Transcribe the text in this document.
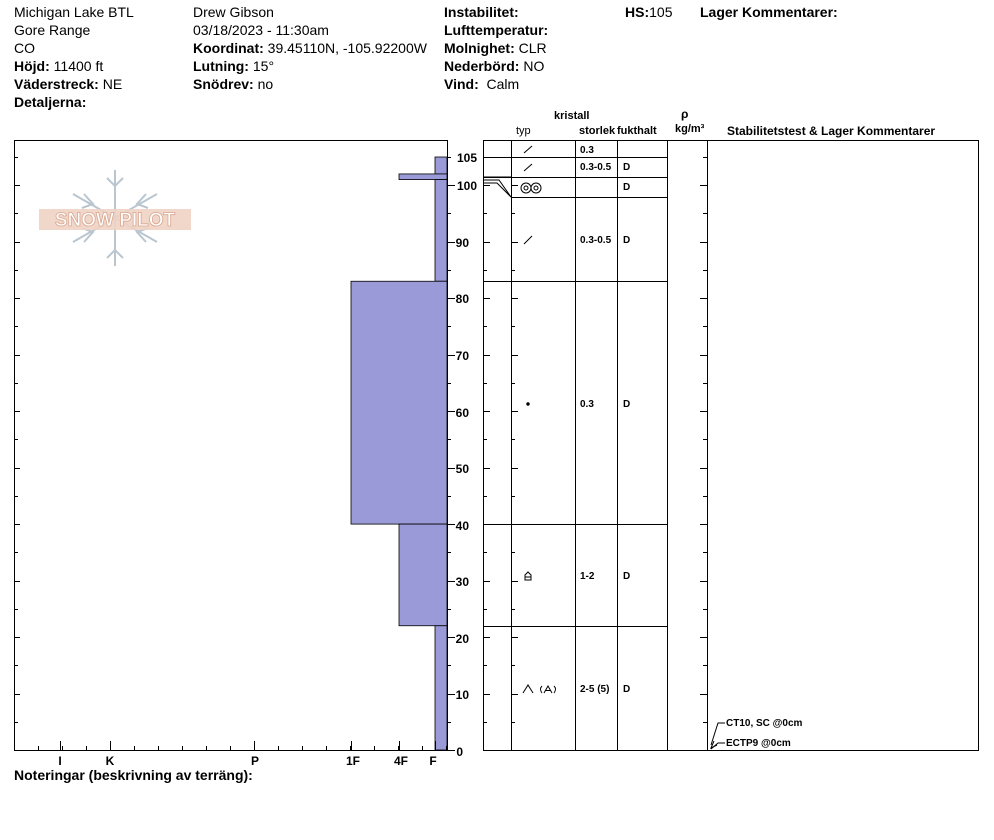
Michigan Lake BTL
Gore Range
CO
Höjd: 11400 ft
Väderstreck: NE
Detaljerna:
Drew Gibson
03/18/2023 - 11:30am
Koordinat: 39.45110N, -105.92200W
Lutning: 15°
Snödrev: no
Instabilitet:
Lufttemperatur:
Molnighet: CLR
Nederbörd: NO
Vind: Calm
HS:105 Lager Kommentarer:
kristall
typ	storlek fukthalt
ρ
kg/m³ Stabilitetstest & Lager Kommentarer
SNOW PILOT
I	K	P	1F	4F F
105
100
90
80
70
60
50
40
30
20
10
0
0.3
0.3-0.5 D
D
0.3-0.5 D
0.3	D
1-2	D
2-5 (5) D
CT10, SC @0cm
ECTP9 @0cm
Noteringar (beskrivning av terräng):
